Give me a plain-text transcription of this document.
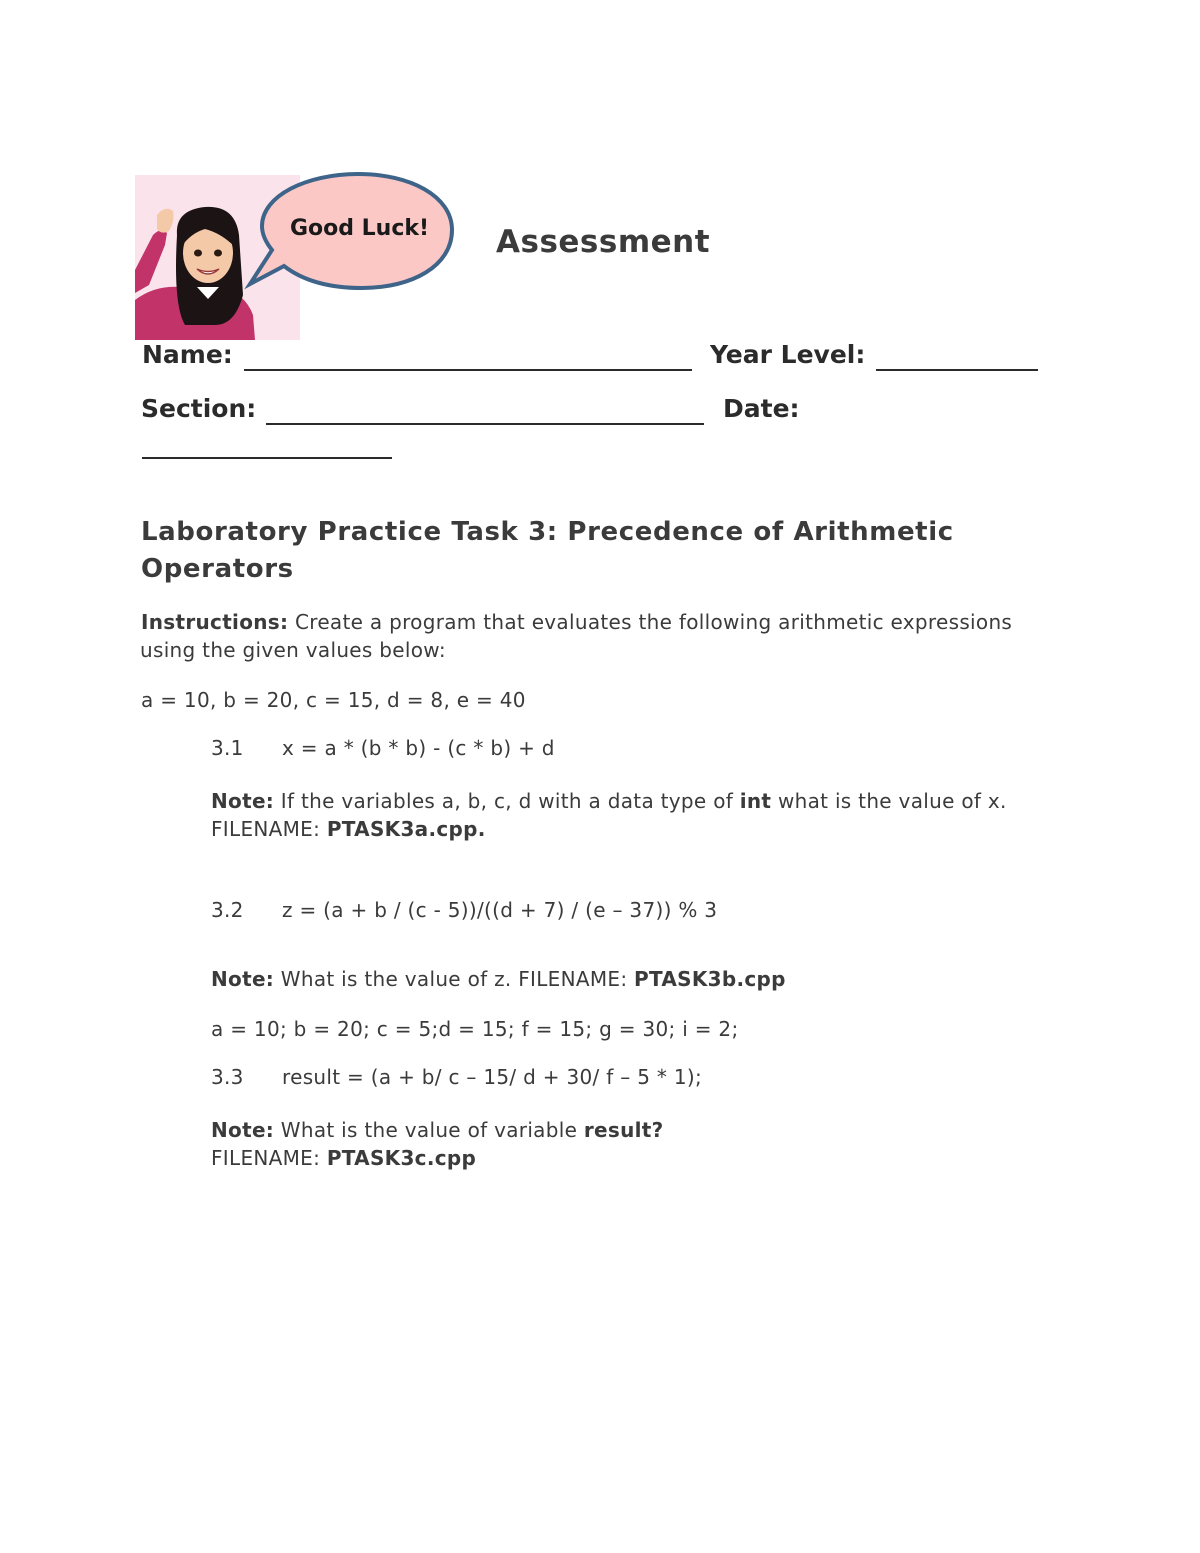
Good Luck!	Assessment
Name:	Year Level:
Section:	Date:
Laboratory Practice Task 3: Precedence of Arithmetic Operators
Instructions: Create a program that evaluates the following arithmetic expressions
using the given values below:
a = 10, b = 20, c = 15, d = 8, e = 40
3.1 x = a * (b * b) - (c * b) + d
Note: If the variables a, b, c, d with a data type of int what is the value of x.
FILENAME: PTASK3a.cpp.
3.2 z = (a + b / (c - 5))/((d + 7) / (e – 37)) % 3
Note: What is the value of z. FILENAME: PTASK3b.cpp
a = 10; b = 20; c = 5;d = 15; f = 15; g = 30; i = 2;
3.3 result = (a + b/ c – 15/ d + 30/ f – 5 * 1);
Note: What is the value of variable result?
FILENAME: PTASK3c.cpp
